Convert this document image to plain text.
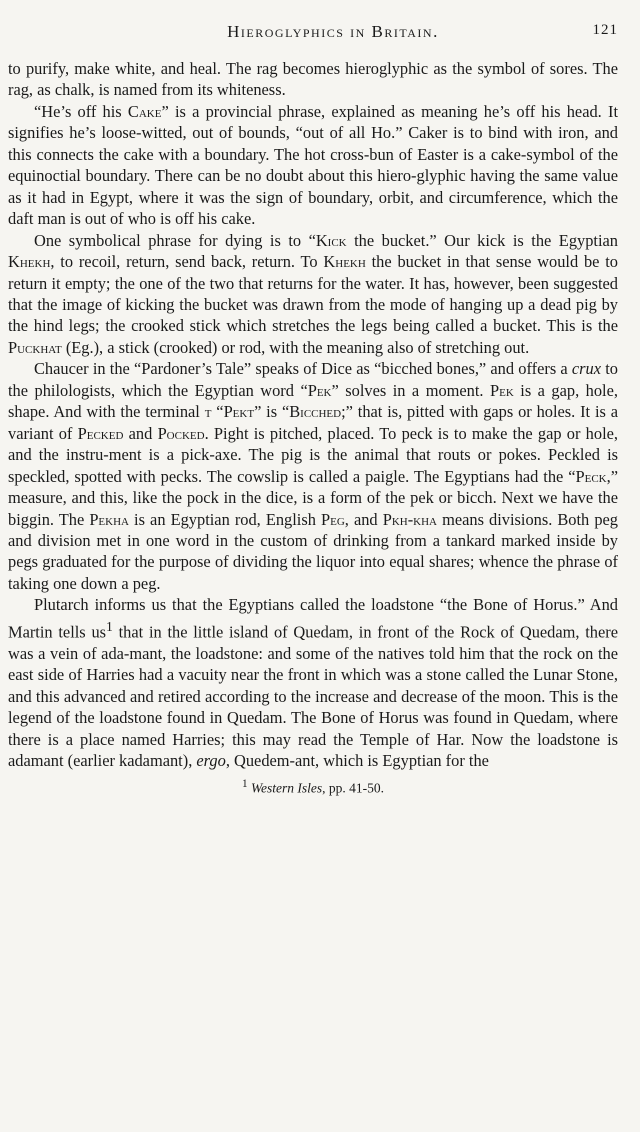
Hieroglyphics in Britain.	121

to purify, make white, and heal. The rag becomes hieroglyphic as the symbol of sores. The rag, as chalk, is named from its whiteness.

“He’s off his Cake” is a provincial phrase, explained as meaning he’s off his head. It signifies he’s loose-witted, out of bounds, “out of all Ho.” Caker is to bind with iron, and this connects the cake with a boundary. The hot cross-bun of Easter is a cake-symbol of the equinoctial boundary. There can be no doubt about this hiero-glyphic having the same value as it had in Egypt, where it was the sign of boundary, orbit, and circumference, which the daft man is out of who is off his cake.

One symbolical phrase for dying is to “Kick the bucket.” Our kick is the Egyptian Khekh, to recoil, return, send back, return. To Khekh the bucket in that sense would be to return it empty; the one of the two that returns for the water. It has, however, been suggested that the image of kicking the bucket was drawn from the mode of hanging up a dead pig by the hind legs; the crooked stick which stretches the legs being called a bucket. This is the Puckhat (Eg.), a stick (crooked) or rod, with the meaning also of stretching out.

Chaucer in the “Pardoner’s Tale” speaks of Dice as “bicched bones,” and offers a crux to the philologists, which the Egyptian word “Pek” solves in a moment. Pek is a gap, hole, shape. And with the terminal t “Pekt” is “Bicched;” that is, pitted with gaps or holes. It is a variant of Pecked and Pocked. Pight is pitched, placed. To peck is to make the gap or hole, and the instru-ment is a pick-axe. The pig is the animal that routs or pokes. Peckled is speckled, spotted with pecks. The cowslip is called a paigle. The Egyptians had the “Peck,” measure, and this, like the pock in the dice, is a form of the pek or bicch. Next we have the biggin. The Pekha is an Egyptian rod, English Peg, and Pkh-kha means divisions. Both peg and division met in one word in the custom of drinking from a tankard marked inside by pegs graduated for the purpose of dividing the liquor into equal shares; whence the phrase of taking one down a peg.

Plutarch informs us that the Egyptians called the loadstone “the Bone of Horus.” And Martin tells $us^1$ that in the little island of Quedam, in front of the Rock of Quedam, there was a vein of ada-mant, the loadstone: and some of the natives told him that the rock on the east side of Harries had a vacuity near the front in which was a stone called the Lunar Stone, and this advanced and retired according to the increase and decrease of the moon. This is the legend of the loadstone found in Quedam. The Bone of Horus was found in Quedam, where there is a place named Harries; this may read the Temple of Har. Now the loadstone is adamant (earlier kadamant), ergo, Quedem-ant, which is Egyptian for the

$^1$ Western Isles, pp. 41-50.
